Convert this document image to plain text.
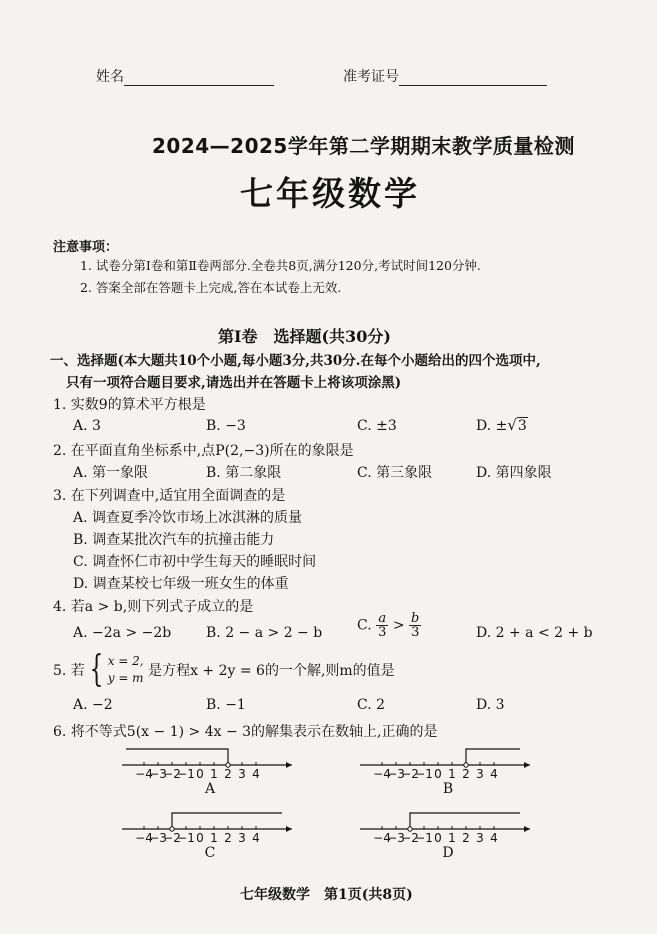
姓名	准考证号
2024—2025学年第二学期期末教学质量检测
七年级数学
注意事项：
1. 试卷分第Ⅰ卷和第Ⅱ卷两部分.全卷共8页,满分120分,考试时间120分钟.
2. 答案全部在答题卡上完成,答在本试卷上无效.
第Ⅰ卷　选择题(共30分)
一、选择题(本大题共10个小题,每小题3分,共30分.在每个小题给出的四个选项中,
只有一项符合题目要求,请选出并在答题卡上将该项涂黑)
1. 实数9的算术平方根是
A. 3	B. −3	C. ±3	D. ±√3
2. 在平面直角坐标系中,点P(2,−3)所在的象限是
A. 第一象限	B. 第二象限	C. 第三象限	D. 第四象限
3. 在下列调查中,适宜用全面调查的是
A. 调查夏季冷饮市场上冰淇淋的质量
B. 调查某批次汽车的抗撞击能力
C. 调查怀仁市初中学生每天的睡眠时间
D. 调查某校七年级一班女生的体重
4. 若a > b,则下列式子成立的是
A. −2a > −2b B. 2 − a > 2 − b C. $\frac{a}{3} > \frac{b}{3}$	D. 2 + a < 2 + b
5. 若 { x = 2,
y = m 是方程x + 2y = 6的一个解,则m的值是
A. −2	B. −1	C. 2	D. 3
6. 将不等式5(x − 1) > 4x − 3的解集表示在数轴上,正确的是
−4
−3
−2
−1 0 1 2 3 4
A
−4
−3
−2
−1 0 1 2 3 4
B
−4
−3
−2
−1 0 1 2 3 4
C
−4
−3
−2
−1 0 1 2 3 4
D
七年级数学　第1页(共8页)
